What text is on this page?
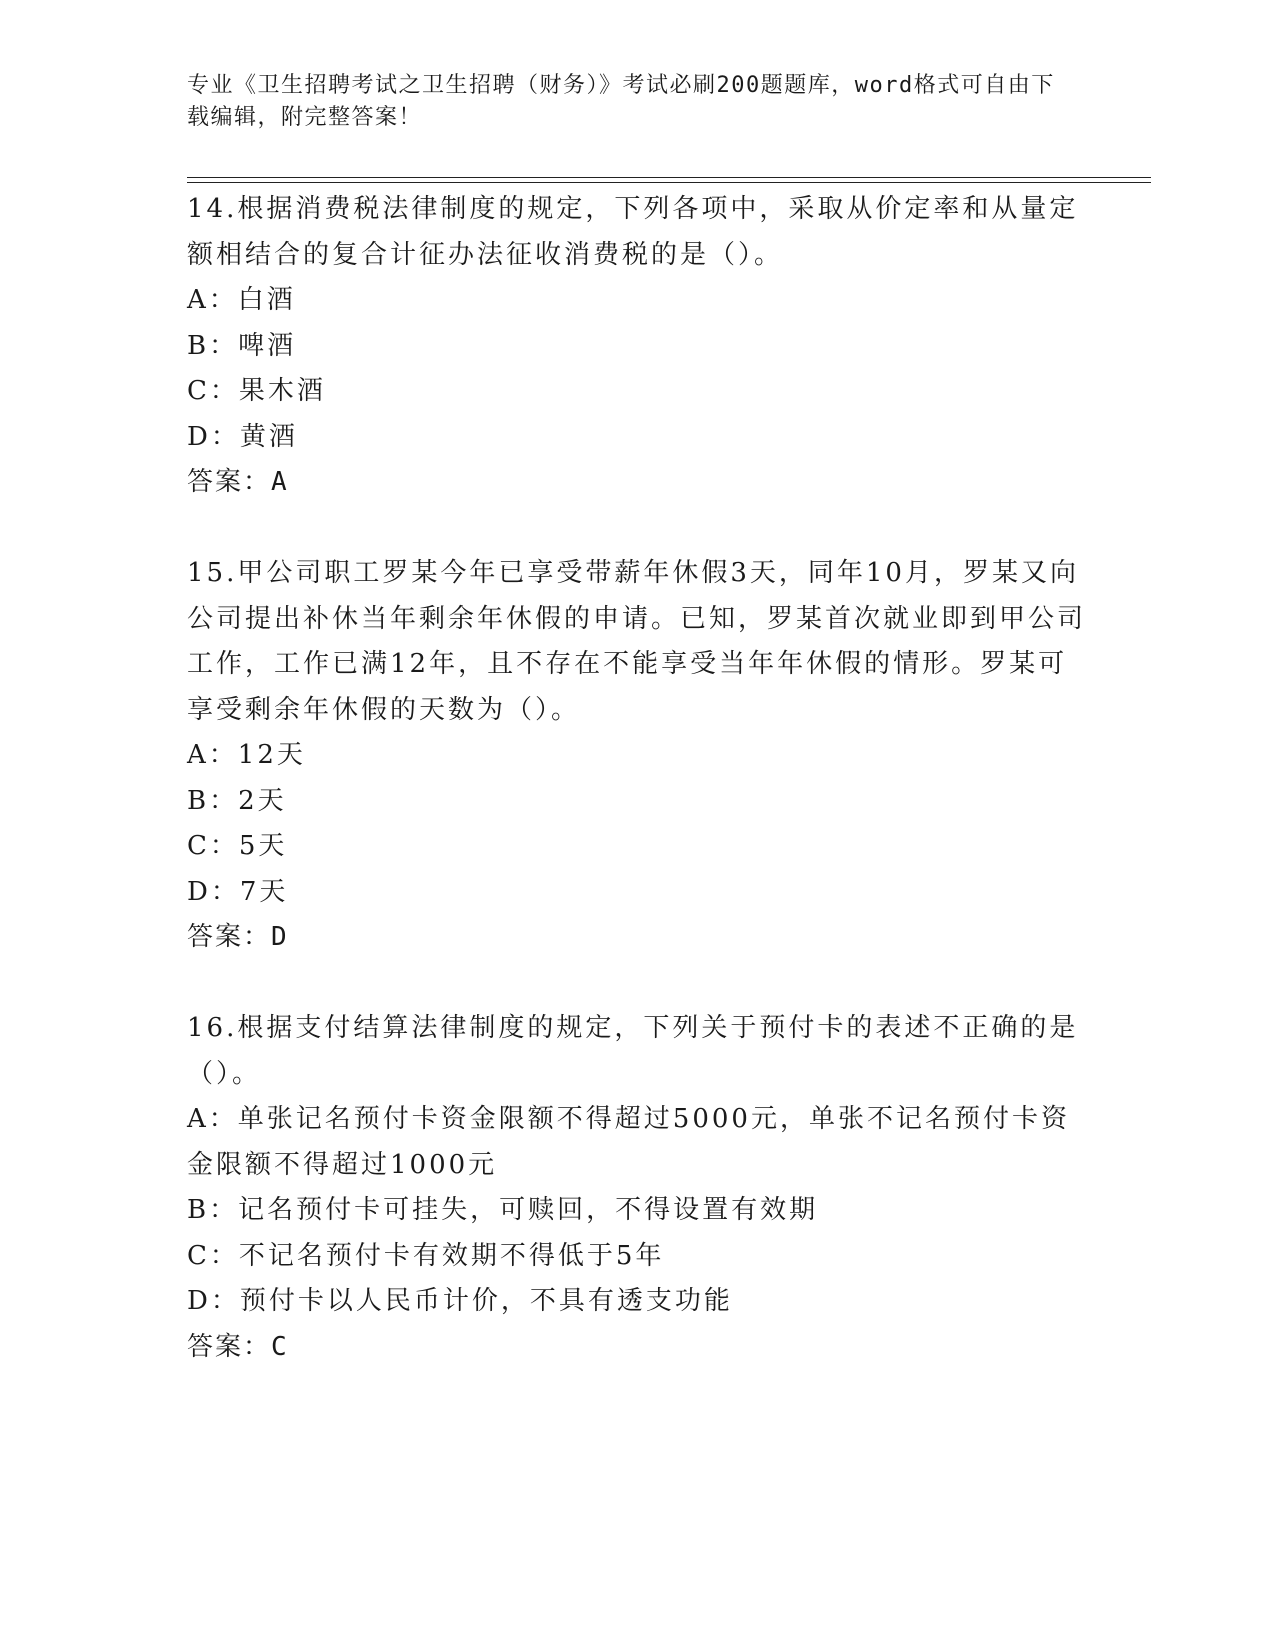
专业《卫生招聘考试之卫生招聘（财务）》考试必刷200题题库，word格式可自由下载编辑，附完整答案！

14.根据消费税法律制度的规定，下列各项中，采取从价定率和从量定额相结合的复合计征办法征收消费税的是（）。

A：白酒

B：啤酒

C：果木酒

D：黄酒

答案：A

15.甲公司职工罗某今年已享受带薪年休假3天，同年10月，罗某又向公司提出补休当年剩余年休假的申请。已知，罗某首次就业即到甲公司工作，工作已满12年，且不存在不能享受当年年休假的情形。罗某可享受剩余年休假的天数为（）。

A：12天

B：2天

C：5天

D：7天

答案：D

16.根据支付结算法律制度的规定，下列关于预付卡的表述不正确的是（）。

A：单张记名预付卡资金限额不得超过5000元，单张不记名预付卡资金限额不得超过1000元

B：记名预付卡可挂失，可赎回，不得设置有效期

C：不记名预付卡有效期不得低于5年

D：预付卡以人民币计价，不具有透支功能

答案：C
